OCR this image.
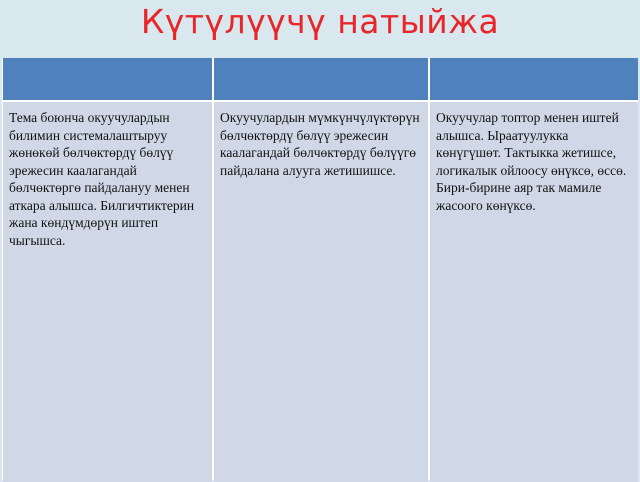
Күтүлүүчү натыйжа
Тема боюнча окуучулардын билимин системалаштыруу жөнөкөй бөлчөктөрдү бөлүү эрежесин каалагандай бөлчөктөргө пайдалануу менен аткара алышса. Билгичтиктерин жана көндүмдөрүн иштеп чыгышса.
Окуучулардын мүмкүнчүлүктөрүн бөлчөктөрдү бөлүү эрежесин каалагандай бөлчөктөрдү бөлүүгө пайдалана алууга жетишишсе.
Окуучулар топтор менен иштей алышса. Ыраатуулукка көнүгүшөт. Тактыкка жетишсе, логикалык ойлоосу өнүксө, өссө. Бири-бирине аяр так мамиле жасоого көнүксө.
